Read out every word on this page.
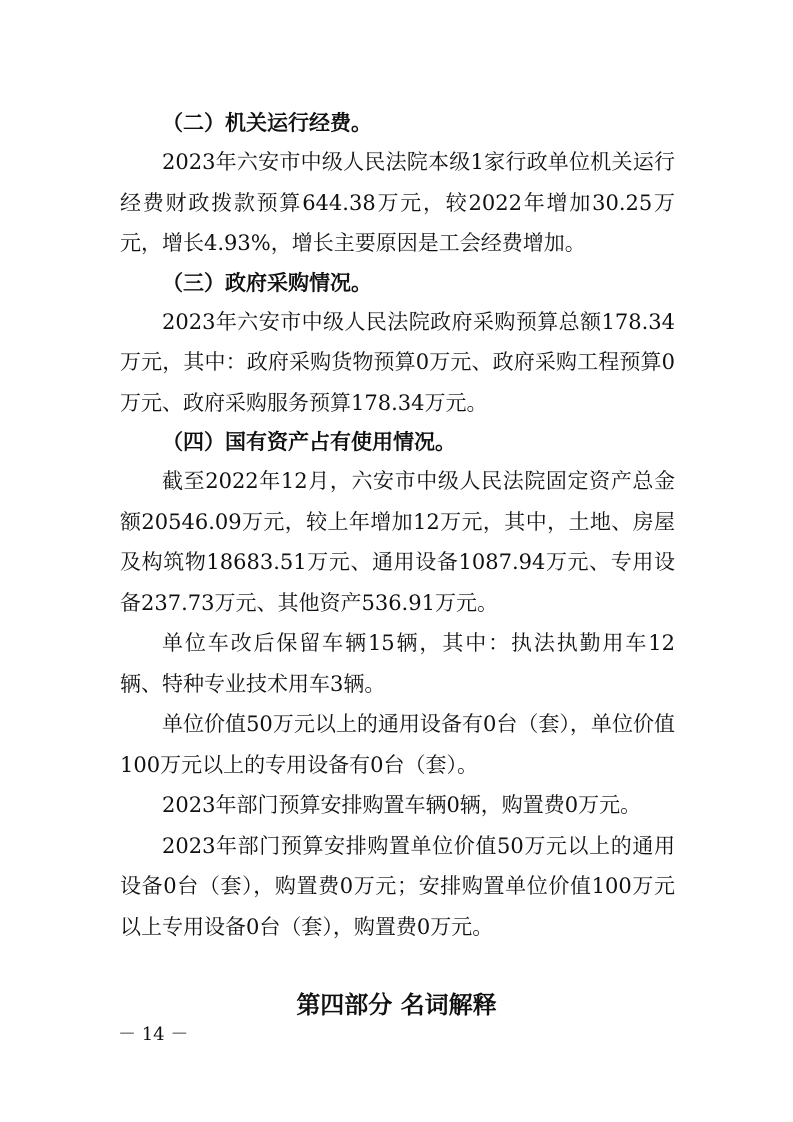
（二）机关运行经费。

2023年六安市中级人民法院本级1家行政单位机关运行经费财政拨款预算644.38万元，较2022年增加30.25万元，增长4.93%，增长主要原因是工会经费增加。

（三）政府采购情况。

2023年六安市中级人民法院政府采购预算总额178.34万元，其中：政府采购货物预算0万元、政府采购工程预算0万元、政府采购服务预算178.34万元。

（四）国有资产占有使用情况。

截至2022年12月，六安市中级人民法院固定资产总金额20546.09万元，较上年增加12万元，其中，土地、房屋及构筑物18683.51万元、通用设备1087.94万元、专用设备237.73万元、其他资产536.91万元。

单位车改后保留车辆15辆，其中：执法执勤用车12辆、特种专业技术用车3辆。

单位价值50万元以上的通用设备有0台（套），单位价值100万元以上的专用设备有0台（套）。

2023年部门预算安排购置车辆0辆，购置费0万元。

2023年部门预算安排购置单位价值50万元以上的通用设备0台（套），购置费0万元；安排购置单位价值100万元以上专用设备0台（套），购置费0万元。

第四部分 名词解释
－ 14 －
